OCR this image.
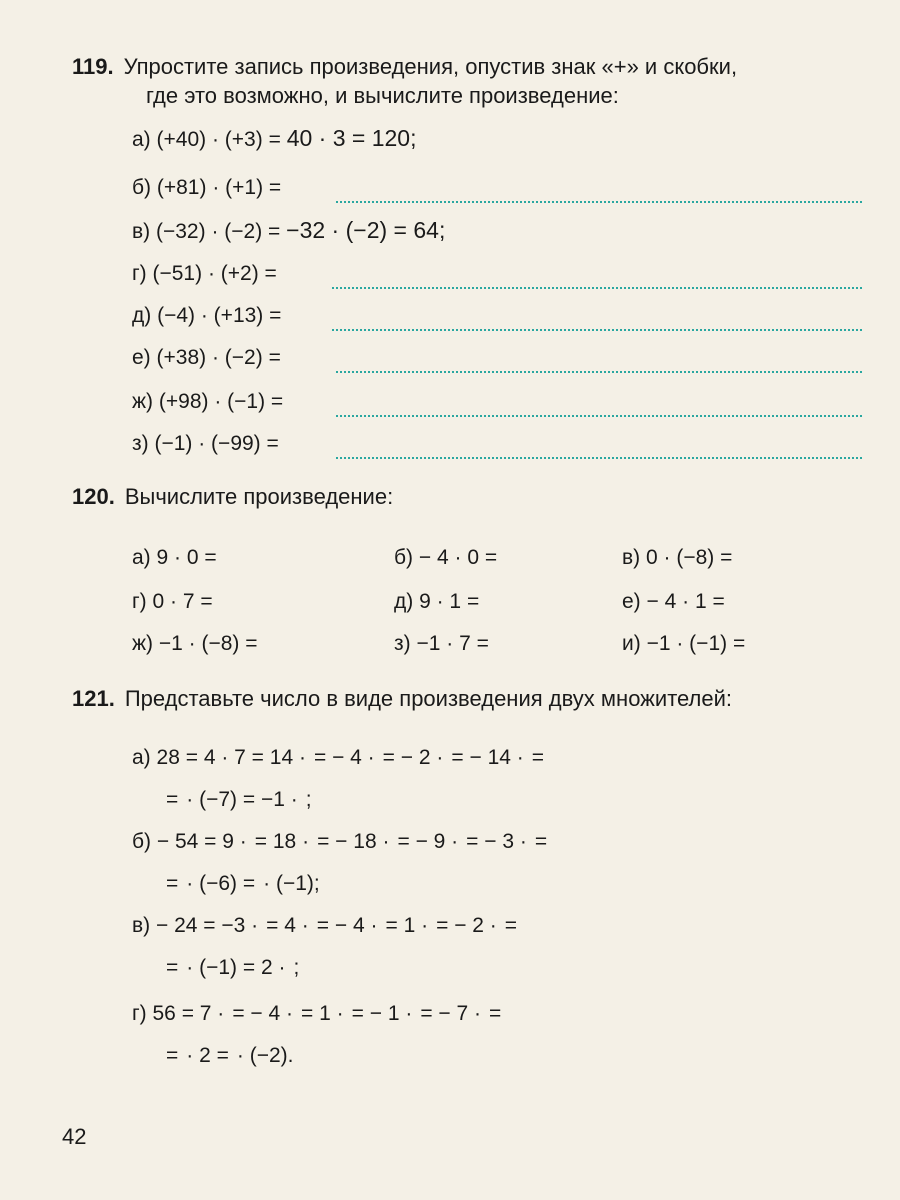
119. Упростите запись произведения, опустив знак «+» и скобки,
где это возможно, и вычислите произведение:
а) (+40) · (+3) = 40 · 3 = 120;
б) (+81) · (+1) =
в) (−32) · (−2) = −32 · (−2) = 64;
г) (−51) · (+2) =
д) (−4) · (+13) =
е) (+38) · (−2) =
ж) (+98) · (−1) =
з) (−1) · (−99) =
120. Вычислите произведение:
а) 9 · 0 =	б) − 4 · 0 =	в) 0 · (−8) =
г) 0 · 7 =	д) 9 · 1 =	е) − 4 · 1 =
ж) −1 · (−8) =	з) −1 · 7 =	и) −1 · (−1) =
121. Представьте число в виде произведения двух множителей:
а) 28 = 4 · 7 = 14 · = − 4 · = − 2 · = − 14 · =
= · (−7) = −1 · ;
б) − 54 = 9 · = 18 · = − 18 · = − 9 · = − 3 · =
= · (−6) = · (−1);
в) − 24 = −3 · = 4 · = − 4 · = 1 · = − 2 · =
= · (−1) = 2 · ;
г) 56 = 7 · = − 4 · = 1 · = − 1 · = − 7 · =
= · 2 = · (−2).
42
